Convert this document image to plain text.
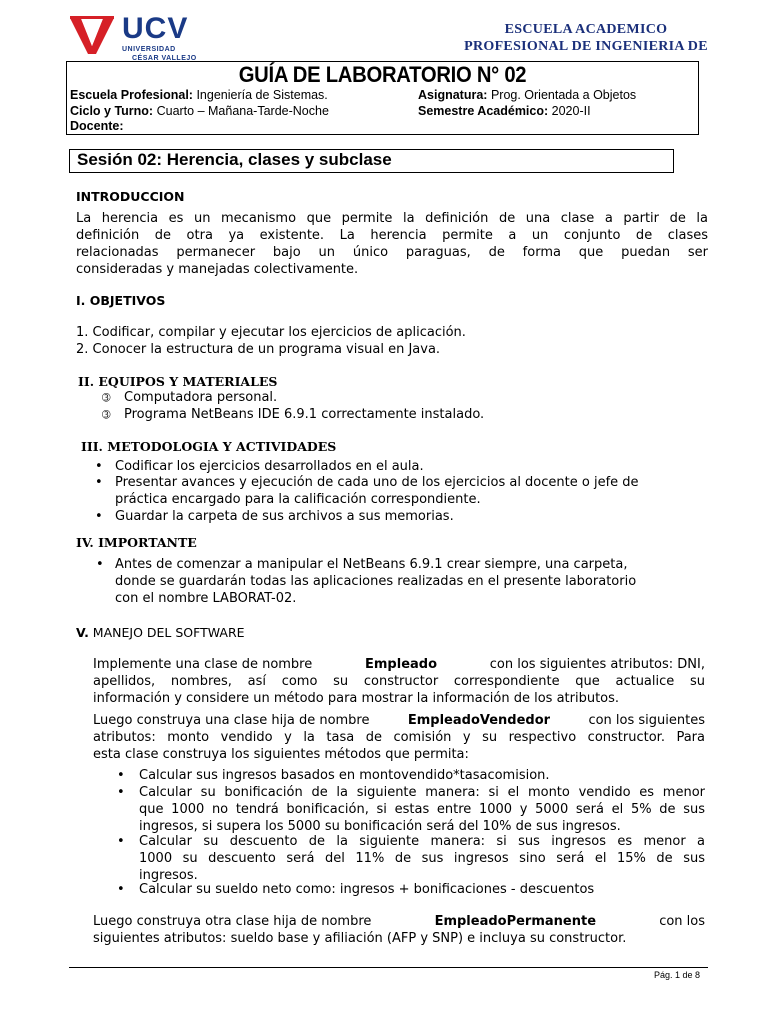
UCV
UNIVERSIDAD
CÉSAR VALLEJO
ESCUELA ACADEMICO
PROFESIONAL DE INGENIERIA DE
GUÍA DE LABORATORIO N° 02
Escuela Profesional: Ingeniería de Sistemas.	Asignatura: Prog. Orientada a Objetos
Ciclo y Turno: Cuarto – Mañana-Tarde-Noche	Semestre Académico: 2020-II
Docente:
Sesión 02: Herencia, clases y subclase
INTRODUCCION
La herencia es un mecanismo que permite la definición de una clase a partir de la
definición de otra ya existente. La herencia permite a un conjunto de clases
relacionadas permanecer bajo un único paraguas, de forma que puedan ser
consideradas y manejadas colectivamente.
I. OBJETIVOS
1. Codificar, compilar y ejecutar los ejercicios de aplicación.
2. Conocer la estructura de un programa visual en Java.
II. EQUIPOS Y MATERIALES
➂ Computadora personal.
➂ Programa NetBeans IDE 6.9.1 correctamente instalado.
III. METODOLOGIA Y ACTIVIDADES
• Codificar los ejercicios desarrollados en el aula.
• Presentar avances y ejecución de cada uno de los ejercicios al docente o jefe de
práctica encargado para la calificación correspondiente.
• Guardar la carpeta de sus archivos a sus memorias.
IV. IMPORTANTE
• Antes de comenzar a manipular el NetBeans 6.9.1 crear siempre, una carpeta,
donde se guardarán todas las aplicaciones realizadas en el presente laboratorio
con el nombre LABORAT-02.
V. MANEJO DEL SOFTWARE
Implemente una clase de nombre	Empleado	con los siguientes atributos: DNI,
apellidos, nombres, así como su constructor correspondiente que actualice su
información y considere un método para mostrar la información de los atributos.
Luego construya una clase hija de nombre	EmpleadoVendedor	con los siguientes
atributos: monto vendido y la tasa de comisión y su respectivo constructor. Para
esta clase construya los siguientes métodos que permita:
• Calcular sus ingresos basados en montovendido*tasacomision.
• Calcular su bonificación de la siguiente manera: si el monto vendido es menor
que 1000 no tendrá bonificación, si estas entre 1000 y 5000 será el 5% de sus
ingresos, si supera los 5000 su bonificación será del 10% de sus ingresos.
• Calcular su descuento de la siguiente manera: si sus ingresos es menor a
1000 su descuento será del 11% de sus ingresos sino será el 15% de sus
ingresos.
• Calcular su sueldo neto como: ingresos + bonificaciones - descuentos
Luego construya otra clase hija de nombre	EmpleadoPermanente	con los
siguientes atributos: sueldo base y afiliación (AFP y SNP) e incluya su constructor.
Pág. 1 de 8
